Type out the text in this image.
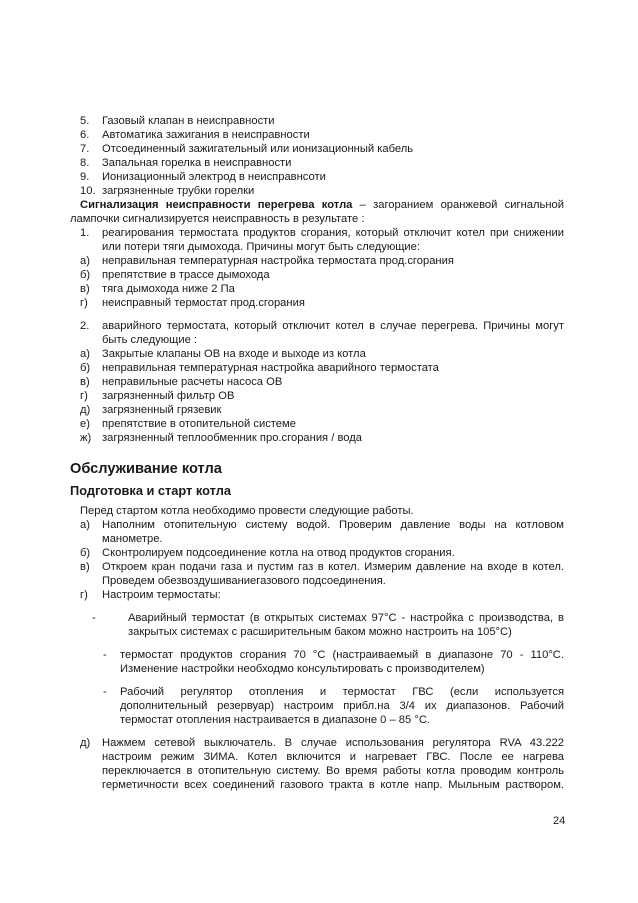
5. Газовый клапан в неисправности
6. Автоматика зажигания в неисправности
7. Отсоединенный зажигательный или ионизационный кабель
8. Запальная горелка в неисправности
9. Ионизационный электрод в неисправнсоти
10. загрязненные трубки горелки
Сигнализация неисправности перегрева котла – загоранием оранжевой сигнальной
лампочки сигнализируется неисправность в результате :
1. реагирования термостата продуктов сгорания, который отключит котел при снижении
или потери тяги дымохода. Причины могут быть следующие:
а) неправильная температурная настройка термостата прод.сгорания
б) препятствие в трассе дымохода
в) тяга дымохода ниже 2 Па
г) неисправный термостат прод.сгорания
2. аварийного термостата, который отключит котел в случае перегрева. Причины могут
быть следующие :
а) Закрытые клапаны ОВ на входе и выходе из котла
б) неправильная температурная настройка аварийного термостата
в) неправильные расчеты насоса ОВ
г) загрязненный фильтр ОВ
д) загрязненный грязевик
е) препятствие в отопительной системе
ж) загрязненный теплообменник про.сгорания / вода
Обслуживание котла
Подготовка и старт котла
Перед стартом котла необходимо провести следующие работы.
а) Наполним отопительную систему водой. Проверим давление воды на котловом
манометре.
б) Сконтролируем подсоединение котла на отвод продуктов сгорания.
в) Откроем кран подачи газа и пустим газ в котел. Измерим давление на входе в котел.
Проведем обезвоздушиваниегазового подсоединения.
г) Настроим термостаты:
-	Аварийный термостат (в открытых системах 97°С - настройка с производства, в
закрытых системах с расширительным баком можно настроить на 105°С)
- термостат продуктов сгорания 70 °С (настраиваемый в диапазоне 70 - 110°С.
Изменение настройки необходмо консультировать с производителем)
- Рабочий регулятор отопления и термостат ГВС (если используется
дополнительный резервуар) настроим прибл.на 3/4 их диапазонов. Рабочий
термостат отопления настраивается в диапазоне 0 – 85 °С.
д) Нажмем сетевой выключатель. В случае использования регулятора RVA 43.222
настроим режим ЗИМА. Котел включится и нагревает ГВС. После ее нагрева
переключается в отопительную систему. Во время работы котла проводим контроль
герметичности всех соединений газового тракта в котле напр. Мыльным раствором.
24
